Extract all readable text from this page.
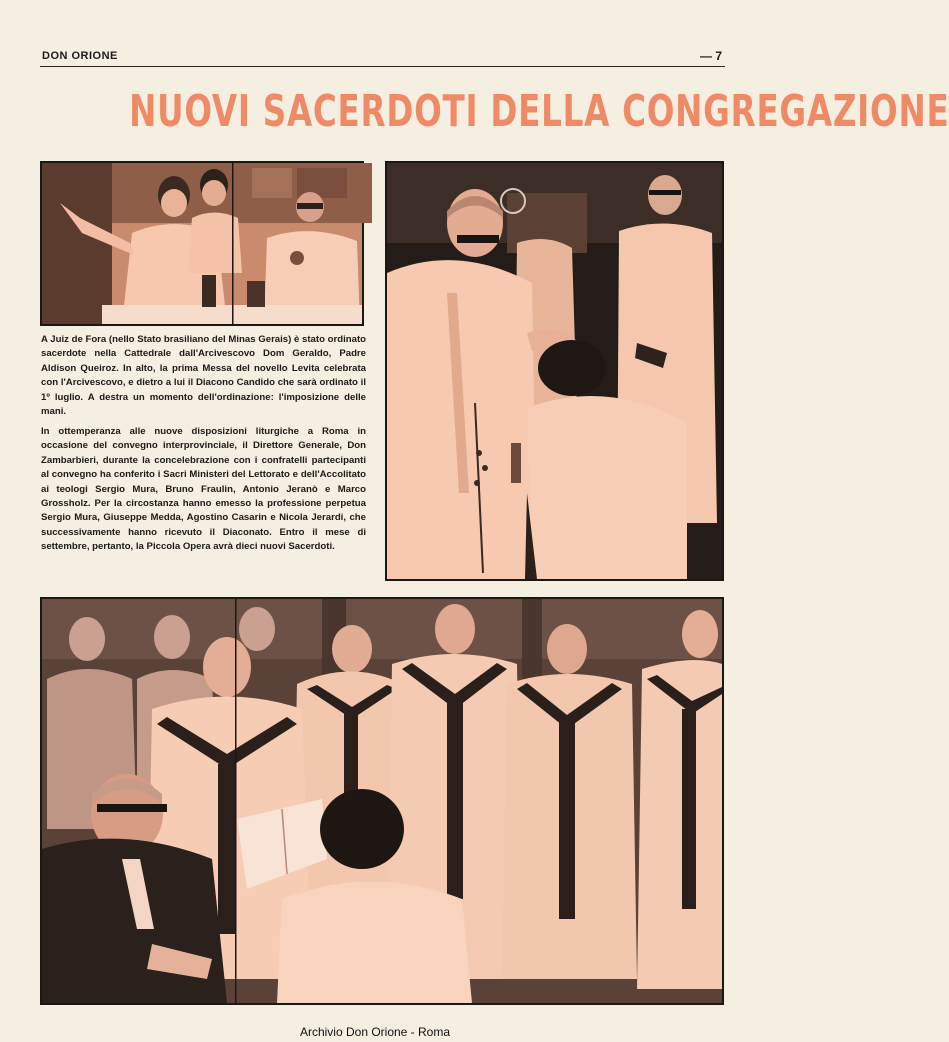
DON ORIONE	— 7
NUOVI SACERDOTI DELLA CONGREGAZIONE

A Juiz de Fora (nello Stato brasiliano del Minas Gerais) è stato ordinato sacerdote nella Cattedrale dall'Arcivescovo Dom Geraldo, Padre Aldison Queiroz. In alto, la prima Messa del novello Levita celebrata con l'Arcivescovo, e dietro a lui il Diacono Candido che sarà ordinato il 1º luglio. A destra un momento dell'ordinazione: l'imposizione delle mani.

In ottemperanza alle nuove disposizioni liturgiche a Roma in occasione del convegno interprovinciale, il Direttore Generale, Don Zambarbieri, durante la concelebrazione con i confratelli partecipanti al convegno ha conferito i Sacri Ministeri del Lettorato e dell'Accolitato ai teologi Sergio Mura, Bruno Fraulin, Antonio Jeranò e Marco Grossholz. Per la circostanza hanno emesso la professione perpetua Sergio Mura, Giuseppe Medda, Agostino Casarin e Nicola Jerardi, che successivamente hanno ricevuto il Diaconato. Entro il mese di settembre, pertanto, la Piccola Opera avrà dieci nuovi Sacerdoti.

Archivio Don Orione - Roma
